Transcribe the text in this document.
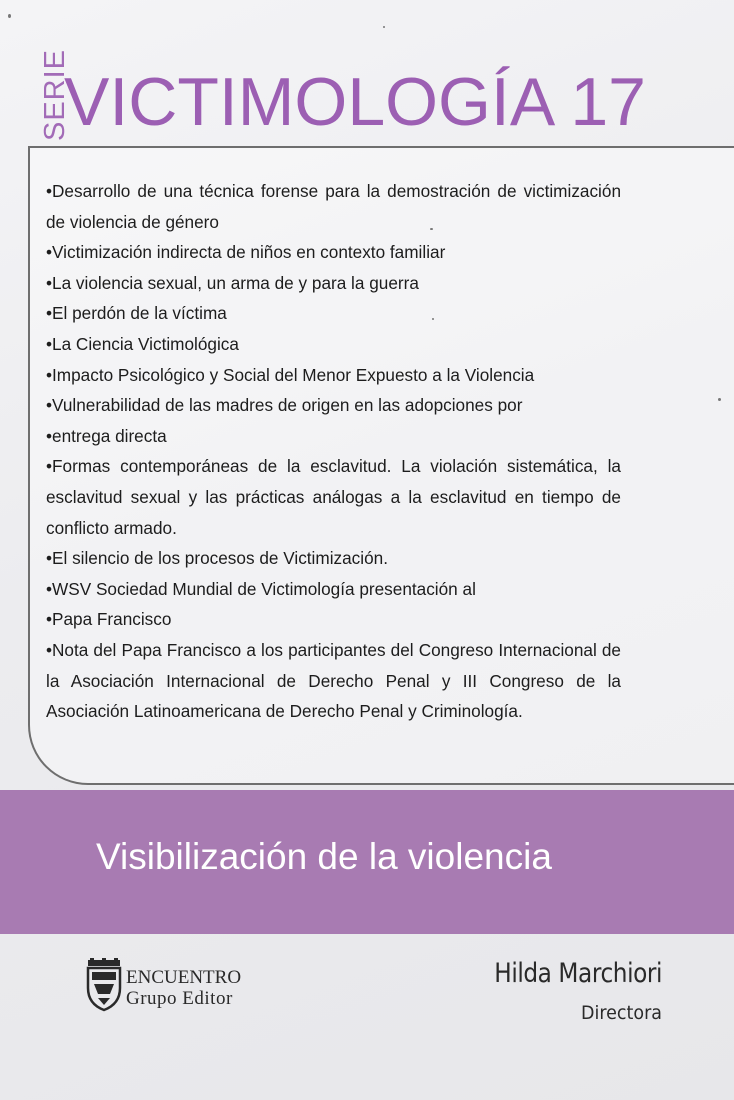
SERIE
VICTIMOLOGÍA 17

•Desarrollo de una técnica forense para la demostración de victimización de violencia de género

•Victimización indirecta de niños en contexto familiar

•La violencia sexual, un arma de y para la guerra

•El perdón de la víctima

•La Ciencia Victimológica

•Impacto Psicológico y Social del Menor Expuesto a la Violencia

•Vulnerabilidad de las madres de origen en las adopciones por

•entrega directa

•Formas contemporáneas de la esclavitud. La violación sistemática, la esclavitud sexual y las prácticas análogas a la esclavitud en tiempo de conflicto armado.

•El silencio de los procesos de Victimización.

•WSV Sociedad Mundial de Victimología presentación al

•Papa Francisco

•Nota del Papa Francisco a los participantes del Congreso Internacional de la Asociación Internacional de Derecho Penal y III Congreso de la Asociación Latinoamericana de Derecho Penal y Criminología.

Visibilización de la violencia
ENCUENTRO
Grupo Editor
Hilda Marchiori
Directora
